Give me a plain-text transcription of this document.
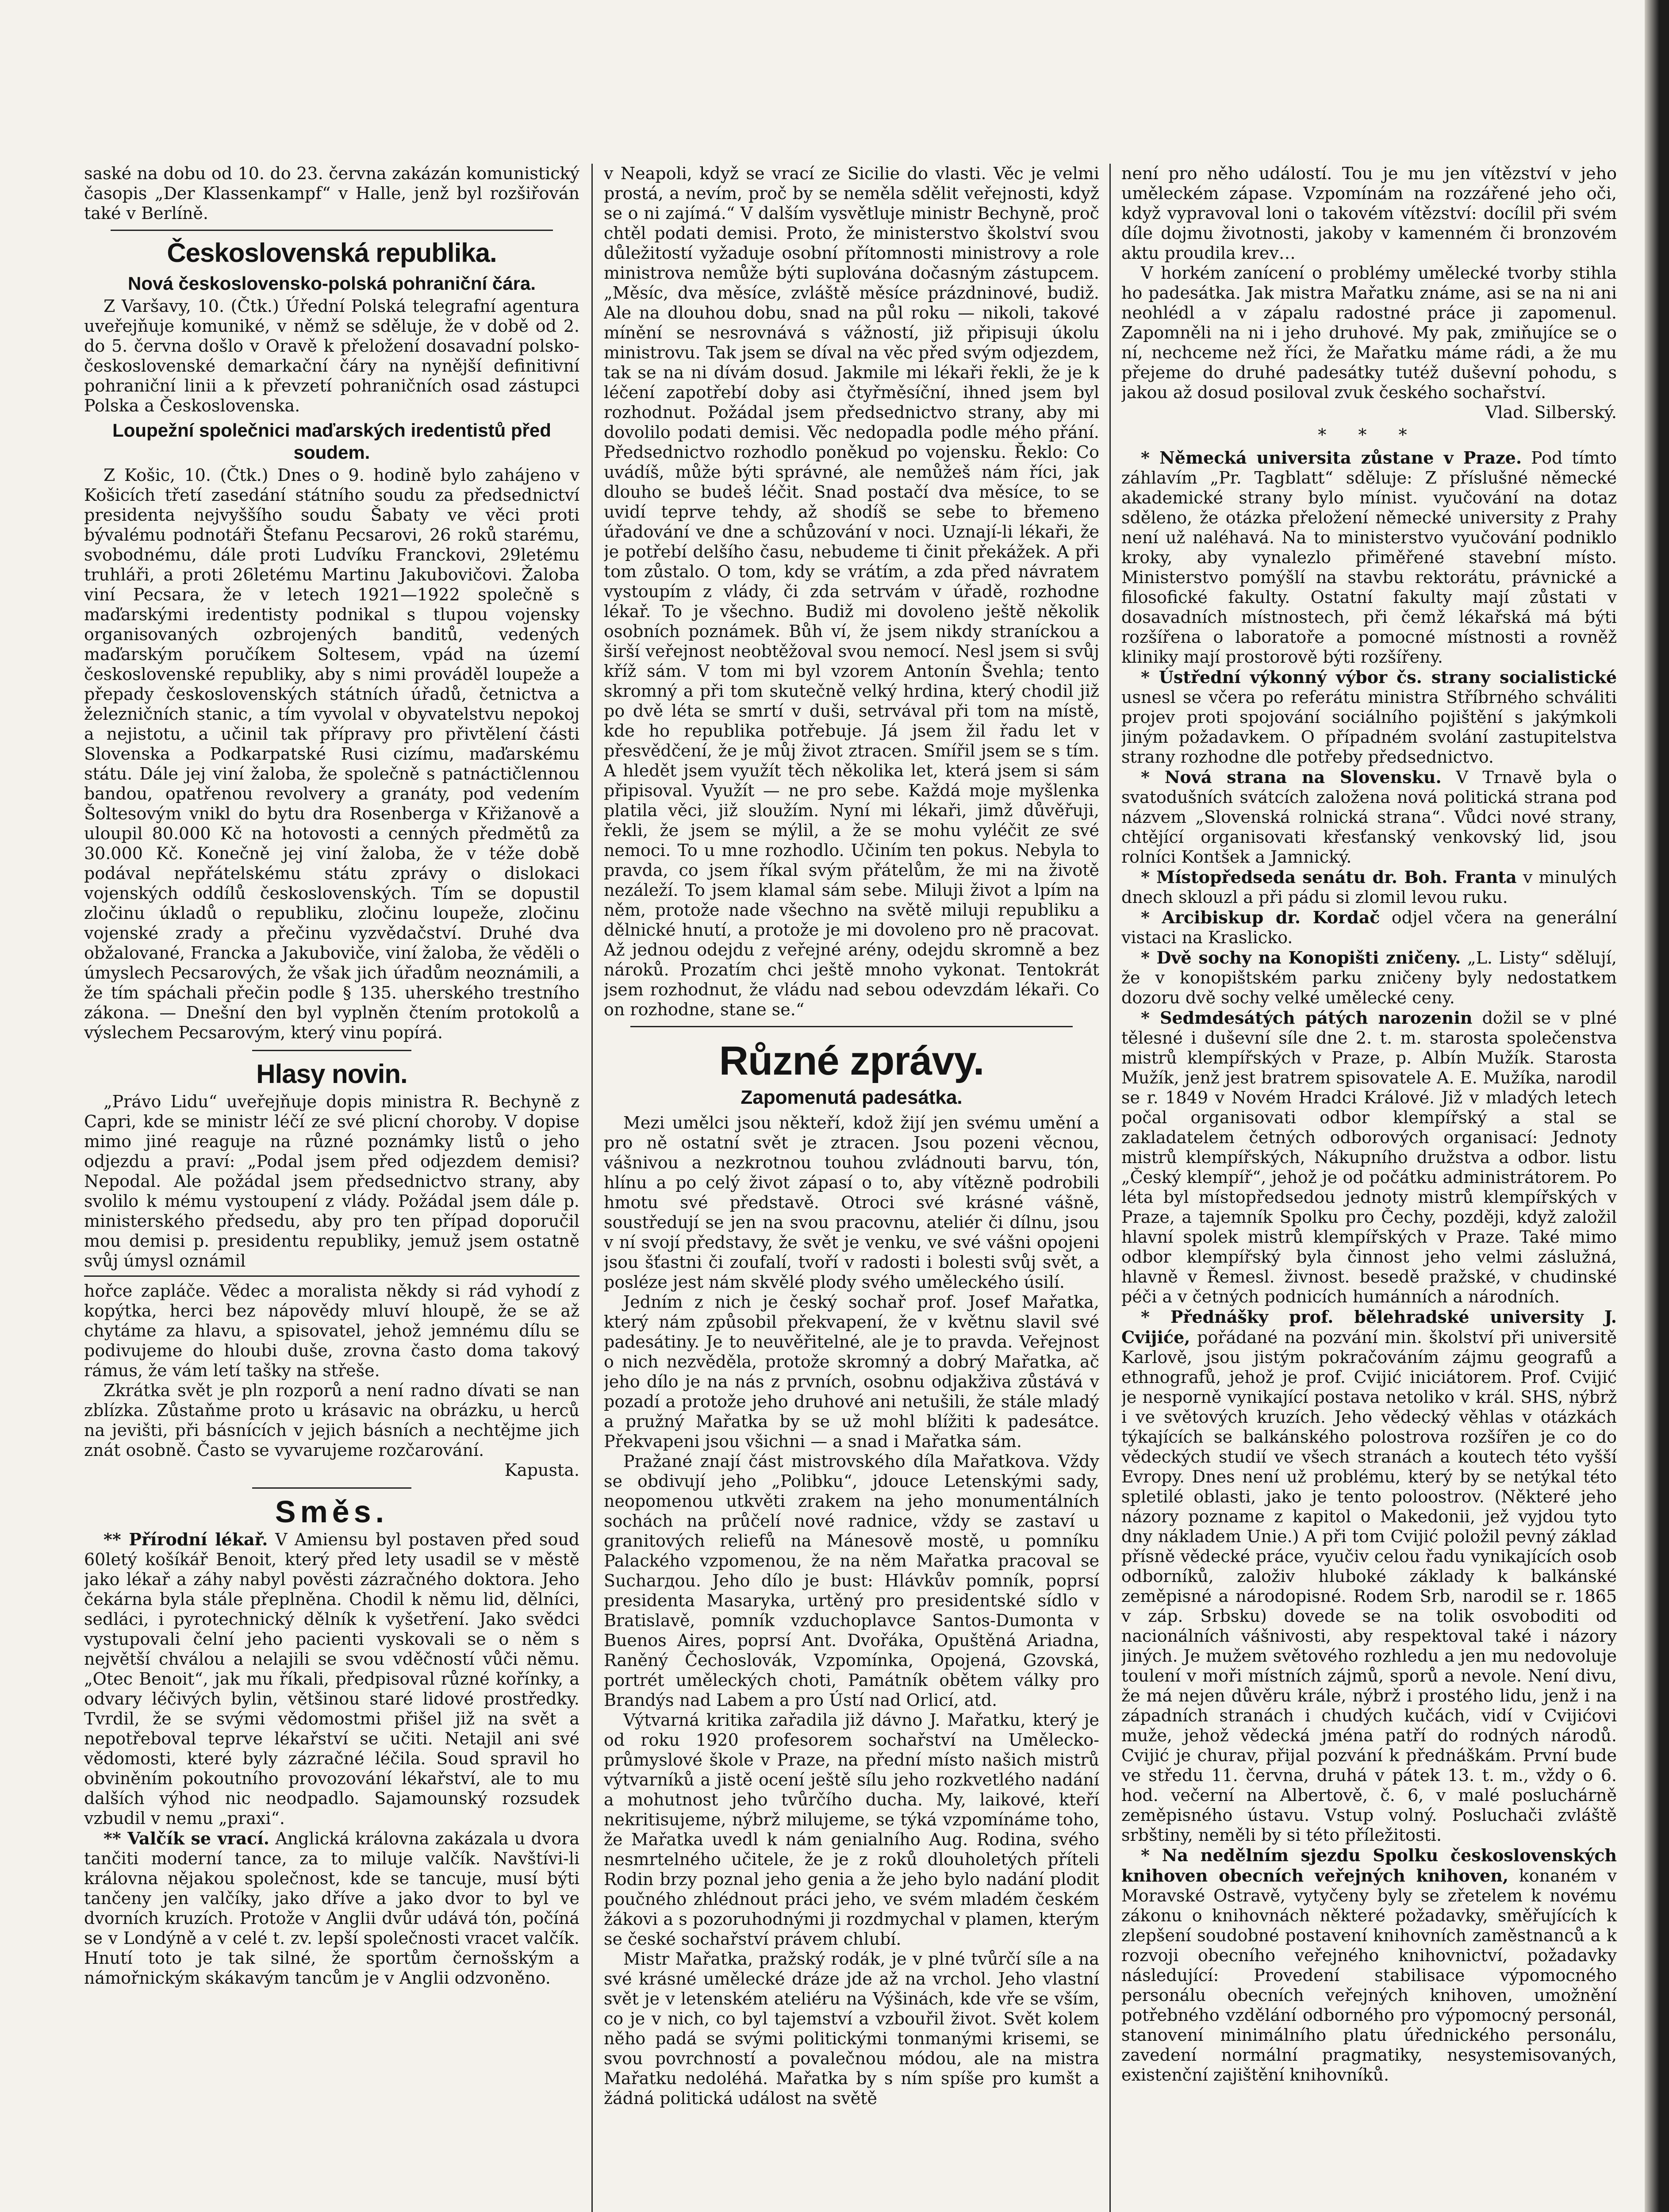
saské na dobu od 10. do 23. června zakázán komunistický časopis „Der Klassenkampf“ v Halle, jenž byl rozšiřován také v Berlíně.

Československá republika.
Nová československo-polská pohraniční čára.

Z Varšavy, 10. (Čtk.) Úřední Polská telegrafní agentura uveřejňuje komuniké, v němž se sděluje, že v době od 2. do 5. června došlo v Oravě k přeložení dosavadní polsko-československé demarkační čáry na nynější definitivní pohraniční linii a k převzetí pohraničních osad zástupci Polska a Československa.

Loupežní společnici maďarských iredentistů před soudem.

Z Košic, 10. (Čtk.) Dnes o 9. hodině bylo zahájeno v Košicích třetí zasedání státního soudu za předsednictví presidenta nejvyššího soudu Šabaty ve věci proti bývalému podnotáři Štefanu Pecsarovi, 26 roků starému, svobodnému, dále proti Ludvíku Franckovi, 29letému truhláři, a proti 26letému Martinu Jakubovičovi. Žaloba viní Pecsara, že v letech 1921—1922 společně s maďarskými iredentisty podnikal s tlupou vojensky organisovaných ozbrojených banditů, vedených maďarským poručíkem Soltesem, vpád na území československé republiky, aby s nimi prováděl loupeže a přepady československých státních úřadů, četnictva a železničních stanic, a tím vyvolal v obyvatelstvu nepokoj a nejistotu, a učinil tak přípravy pro přivtělení části Slovenska a Podkarpatské Rusi cizímu, maďarskému státu. Dále jej viní žaloba, že společně s patnáctičlennou bandou, opatřenou revolvery a granáty, pod vedením Šoltesovým vnikl do bytu dra Rosenberga v Křižanově a uloupil 80.000 Kč na hotovosti a cenných předmětů za 30.000 Kč. Konečně jej viní žaloba, že v téže době podával nepřátelskému státu zprávy o dislokaci vojenských oddílů československých. Tím se dopustil zločinu úkladů o republiku, zločinu loupeže, zločinu vojenské zrady a přečinu vyzvědačství. Druhé dva obžalované, Francka a Jakuboviče, viní žaloba, že věděli o úmyslech Pecsarových, že však jich úřadům neoznámili, a že tím spáchali přečin podle § 135. uherského trestního zákona. — Dnešní den byl vyplněn čtením protokolů a výslechem Pecsarovým, který vinu popírá.

Hlasy novin.

„Právo Lidu“ uveřejňuje dopis ministra R. Bechyně z Capri, kde se ministr léčí ze své plicní choroby. V dopise mimo jiné reaguje na různé poznámky listů o jeho odjezdu a praví: „Podal jsem před odjezdem demisi? Nepodal. Ale požádal jsem předsednictvo strany, aby svolilo k mému vystoupení z vlády. Požádal jsem dále p. ministerského předsedu, aby pro ten případ doporučil mou demisi p. presidentu republiky, jemuž jsem ostatně svůj úmysl oznámil

hořce zapláče. Vědec a moralista někdy si rád vyhodí z kopýtka, herci bez nápovědy mluví hloupě, že se až chytáme za hlavu, a spisovatel, jehož jemnému dílu se podivujeme do hloubi duše, zrovna často doma takový rámus, že vám letí tašky na střeše.

Zkrátka svět je pln rozporů a není radno dívati se nan zblízka. Zůstaňme proto u krásavic na obrázku, u herců na jevišti, při básnících v jejich básních a nechtějme jich znát osobně. Často se vyvarujeme rozčarování.

Kapusta.
Směs.

** Přírodní lékař. V Amiensu byl postaven před soud 60letý košíkář Benoit, který před lety usadil se v městě jako lékař a záhy nabyl pověsti zázračného doktora. Jeho čekárna byla stále přeplněna. Chodil k němu lid, dělníci, sedláci, i pyrotechnický dělník k vyšetření. Jako svědci vystupovali čelní jeho pacienti vyskovali se o něm s největší chválou a nelajili se svou vděčností vůči němu. „Otec Benoit“, jak mu říkali, předpisoval různé kořínky, a odvary léčivých bylin, většinou staré lidové prostředky. Tvrdil, že se svými vědomostmi přišel již na svět a nepotřeboval teprve lékařství se učiti. Netajil ani své vědomosti, které byly zázračné léčila. Soud spravil ho obviněním pokoutního provozování lékařství, ale to mu dalších výhod nic neodpadlo. Sajamounský rozsudek vzbudil v nemu „praxi“.

** Valčík se vrací. Anglická královna zakázala u dvora tančiti moderní tance, za to miluje valčík. Navštívi-li královna nějakou společnost, kde se tancuje, musí býti tančeny jen valčíky, jako dříve a jako dvor to byl ve dvorních kruzích. Protože v Anglii dvůr udává tón, počíná se v Londýně a v celé t. zv. lepší společnosti vracet valčík. Hnutí toto je tak silné, že sportům černošským a námořnickým skákavým tancům je v Anglii odzvoněno.

v Neapoli, když se vrací ze Sicilie do vlasti. Věc je velmi prostá, a nevím, proč by se neměla sdělit veřejnosti, když se o ni zajímá.“ V dalším vysvětluje ministr Bechyně, proč chtěl podati demisi. Proto, že ministerstvo školství svou důležitostí vyžaduje osobní přítomnosti ministrovy a role ministrova nemůže býti suplována dočasným zástupcem. „Měsíc, dva měsíce, zvláště měsíce prázdninové, budiž. Ale na dlouhou dobu, snad na půl roku — nikoli, takové mínění se nesrovnává s vážností, již připisuji úkolu ministrovu. Tak jsem se díval na věc před svým odjezdem, tak se na ni dívám dosud. Jakmile mi lékaři řekli, že je k léčení zapotřebí doby asi čtyřměsíční, ihned jsem byl rozhodnut. Požádal jsem předsednictvo strany, aby mi dovolilo podati demisi. Věc nedopadla podle mého přání. Předsednictvo rozhodlo poněkud po vojensku. Řeklo: Co uvádíš, může býti správné, ale nemůžeš nám říci, jak dlouho se budeš léčit. Snad postačí dva měsíce, to se uvidí teprve tehdy, až shodíš se sebe to břemeno úřadování ve dne a schůzování v noci. Uznají-li lékaři, že je potřebí delšího času, nebudeme ti činit překážek. A při tom zůstalo. O tom, kdy se vrátím, a zda před návratem vystoupím z vlády, či zda setrvám v úřadě, rozhodne lékař. To je všechno. Budiž mi dovoleno ještě několik osobních poznámek. Bůh ví, že jsem nikdy straníckou a širší veřejnost neobtěžoval svou nemocí. Nesl jsem si svůj kříž sám. V tom mi byl vzorem Antonín Švehla; tento skromný a při tom skutečně velký hrdina, který chodil již po dvě léta se smrtí v duši, setrvával při tom na místě, kde ho republika potřebuje. Já jsem žil řadu let v přesvědčení, že je můj život ztracen. Smířil jsem se s tím. A hledět jsem využít těch několika let, která jsem si sám připisoval. Využít — ne pro sebe. Každá moje myšlenka platila věci, již sloužím. Nyní mi lékaři, jimž důvěřuji, řekli, že jsem se mýlil, a že se mohu vyléčit ze své nemoci. To u mne rozhodlo. Učiním ten pokus. Nebyla to pravda, co jsem říkal svým přátelům, že mi na životě nezáleží. To jsem klamal sám sebe. Miluji život a lpím na něm, protože nade všechno na světě miluji republiku a dělnické hnutí, a protože je mi dovoleno pro ně pracovat. Až jednou odejdu z veřejné arény, odejdu skromně a bez nároků. Prozatím chci ještě mnoho vykonat. Tentokrát jsem rozhodnut, že vládu nad sebou odevzdám lékaři. Co on rozhodne, stane se.“

Různé zprávy.
Zapomenutá padesátka.

Mezi umělci jsou někteří, kdož žijí jen svému umění a pro ně ostatní svět je ztracen. Jsou pozeni věcnou, vášnivou a nezkrotnou touhou zvládnouti barvu, tón, hlínu a po celý život zápasí o to, aby vítězně podrobili hmotu své představě. Otroci své krásné vášně, soustředují se jen na svou pracovnu, ateliér či dílnu, jsou v ní svojí představy, že svět je venku, ve své vášni opojeni jsou šťastni či zoufalí, tvoří v radosti i bolesti svůj svět, a posléze jest nám skvělé plody svého uměleckého úsilí.

Jedním z nich je český sochař prof. Josef Mařatka, který nám způsobil překvapení, že v květnu slavil své padesátiny. Je to neuvěřitelné, ale je to pravda. Veřejnost o nich nezvěděla, protože skromný a dobrý Mařatka, ač jeho dílo je na nás z prvních, osobnu odjakživa zůstává v pozadí a protože jeho druhové ani netušili, že stále mladý a pružný Mařatka by se už mohl blížiti k padesátce. Překvapeni jsou všichni — a snad i Mařatka sám.

Pražané znají část mistrovského díla Mařatkova. Vždy se obdivují jeho „Polibku“, jdouce Letenskými sady, neopomenou utkvěti zrakem na jeho monumentálních sochách na průčelí nové radnice, vždy se zastaví u granitových reliefů na Mánesově mostě, u pomníku Palackého vzpomenou, že na něm Mařatka pracoval se Sucharдou. Jeho dílo je bust: Hlávkův pomník, poprsí presidenta Masaryka, urtěný pro presidentské sídlo v Bratislavě, pomník vzduchoplavce Santos-Dumonta v Buenos Aires, poprsí Ant. Dvořáka, Opuštěná Ariadna, Raněný Čechoslovák, Vzpomínka, Opojená, Gzovská, portrét uměleckých choti, Památník obětem války pro Brandýs nad Labem a pro Ústí nad Orlicí, atd.

Výtvarná kritika zařadila již dávno J. Mařatku, který je od roku 1920 profesorem sochařství na Umělecko-průmyslové škole v Praze, na přední místo našich mistrů výtvarníků a jistě ocení ještě sílu jeho rozkvetlého nadání a mohutnost jeho tvůrčího ducha. My, laikové, kteří nekritisujeme, nýbrž milujeme, se týká vzpomínáme toho, že Mařatka uvedl k nám genialního Aug. Rodina, svého nesmrtelného učitele, že je z roků dlouholetých příteli Rodin brzy poznal jeho genia a že jeho bylo nadání plodit poučného zhlédnout práci jeho, ve svém mladém českém žákovi a s pozoruhodnými ji rozdmychal v plamen, kterým se české sochařství právem chlubí.

Mistr Mařatka, pražský rodák, je v plné tvůrčí síle a na své krásné umělecké dráze jde až na vrchol. Jeho vlastní svět je v letenském ateliéru na Výšinách, kde vře se vším, co je v nich, co byl tajemství a vzbouřil život. Svět kolem něho padá se svými politickými tonmanými krisemi, se svou povrchností a povalečnou módou, ale na mistra Mařatku nedoléhá. Mařatka by s ním spíše pro kumšt a žádná politická událost na světě

není pro něho událostí. Tou je mu jen vítězství v jeho uměleckém zápase. Vzpomínám na rozzářené jeho oči, když vypravoval loni o takovém vítězství: docílil při svém díle dojmu životnosti, jakoby v kamenném či bronzovém aktu proudila krev…

V horkém zanícení o problémy umělecké tvorby stihla ho padesátka. Jak mistra Mařatku známe, asi se na ni ani neohlédl a v zápalu radostné práce ji zapomenul. Zapomněli na ni i jeho druhové. My pak, zmiňujíce se o ní, nechceme než říci, že Mařatku máme rádi, a že mu přejeme do druhé padesátky tutéž duševní pohodu, s jakou až dosud posiloval zvuk českého sochařství.

Vlad. Silberský.
* * *

* Německá universita zůstane v Praze. Pod tímto záhlavím „Pr. Tagblatt“ sděluje: Z příslušné německé akademické strany bylo mínist. vyučování na dotaz sděleno, že otázka přeložení německé university z Prahy není už naléhavá. Na to ministerstvo vyučování podniklo kroky, aby vynalezlo přiměřené stavební místo. Ministerstvo pomýšlí na stavbu rektorátu, právnické a filosofické fakulty. Ostatní fakulty mají zůstati v dosavadních místnostech, při čemž lékařská má býti rozšířena o laboratoře a pomocné místnosti a rovněž kliniky mají prostorově býti rozšířeny.

* Ústřední výkonný výbor čs. strany socialistické usnesl se včera po referátu ministra Stříbrného schváliti projev proti spojování sociálního pojištění s jakýmkoli jiným požadavkem. O případném svolání zastupitelstva strany rozhodne dle potřeby předsednictvo.

* Nová strana na Slovensku. V Trnavě byla o svatodušních svátcích založena nová politická strana pod názvem „Slovenská rolnická strana“. Vůdci nové strany, chtějící organisovati křesťanský venkovský lid, jsou rolníci Kontšek a Jamnický.

* Místopředseda senátu dr. Boh. Franta v minulých dnech sklouzl a při pádu si zlomil levou ruku.

* Arcibiskup dr. Kordač odjel včera na generální vistaci na Kraslicko.

* Dvě sochy na Konopišti zničeny. „L. Listy“ sdělují, že v konopištském parku zničeny byly nedostatkem dozoru dvě sochy velké umělecké ceny.

* Sedmdesátých pátých narozenin dožil se v plné tělesné i duševní síle dne 2. t. m. starosta společenstva mistrů klempířských v Praze, p. Albín Mužík. Starosta Mužík, jenž jest bratrem spisovatele A. E. Mužíka, narodil se r. 1849 v Novém Hradci Králové. Již v mladých letech počal organisovati odbor klempířský a stal se zakladatelem četných odborových organisací: Jednoty mistrů klempířských, Nákupního družstva a odbor. listu „Český klempíř“, jehož je od počátku administrátorem. Po léta byl místopředsedou jednoty mistrů klempířských v Praze, a tajemník Spolku pro Čechy, později, když založil hlavní spolek mistrů klempířských v Praze. Také mimo odbor klempířský byla činnost jeho velmi záslužná, hlavně v Řemesl. živnost. besedě pražské, v chudinské péči a v četných podnicích humánních a národních.

* Přednášky prof. bělehradské university J. Cvijiće, pořádané na pozvání min. školství při universitě Karlově, jsou jistým pokračováním zájmu geografů a ethnografů, jehož je prof. Cvijić iniciátorem. Prof. Cvijić je nesporně vynikající postava netoliko v král. SHS, nýbrž i ve světových kruzích. Jeho vědecký věhlas v otázkách týkajících se balkánského polostrova rozšířen je co do vědeckých studií ve všech stranách a koutech této vyšší Evropy. Dnes není už problému, který by se netýkal této spletilé oblasti, jako je tento poloostrov. (Některé jeho názory pozname z kapitol o Makedonii, jež vyjdou tyto dny nákladem Unie.) A při tom Cvijić položil pevný základ přísně vědecké práce, vyučiv celou řadu vynikajících osob odborníků, založiv hluboké základy k balkánské zeměpisné a národopisné. Rodem Srb, narodil se r. 1865 v záp. Srbsku) dovede se na tolik osvoboditi od nacionálních vášnivosti, aby respektoval také i názory jiných. Je mužem světového rozhledu a jen mu nedovoluje toulení v moři místních zájmů, sporů a nevole. Není divu, že má nejen důvěru krále, nýbrž i prostého lidu, jenž i na západních stranách i chudých kučách, vidí v Cvijićovi muže, jehož vědecká jména patří do rodných národů. Cvijić je churav, přijal pozvání k přednáškám. První bude ve středu 11. června, druhá v pátek 13. t. m., vždy o 6. hod. večerní na Albertově, č. 6, v malé posluchárně zeměpisného ústavu. Vstup volný. Posluchači zvláště srbštiny, neměli by si této příležitosti.

* Na nedělním sjezdu Spolku československých knihoven obecních veřejných knihoven, konaném v Moravské Ostravě, vytyčeny byly se zřetelem k novému zákonu o knihovnách některé požadavky, směřujících k zlepšení soudobné postavení knihovních zaměstnanců a k rozvoji obecního veřejného knihovnictví, požadavky následující: Provedení stabilisace výpomocného personálu obecních veřejných knihoven, umožnění potřebného vzdělání odborného pro výpomocný personál, stanovení minimálního platu úřednického personálu, zavedení normální pragmatiky, nesystemisovaných, existenční zajištění knihovníků.
